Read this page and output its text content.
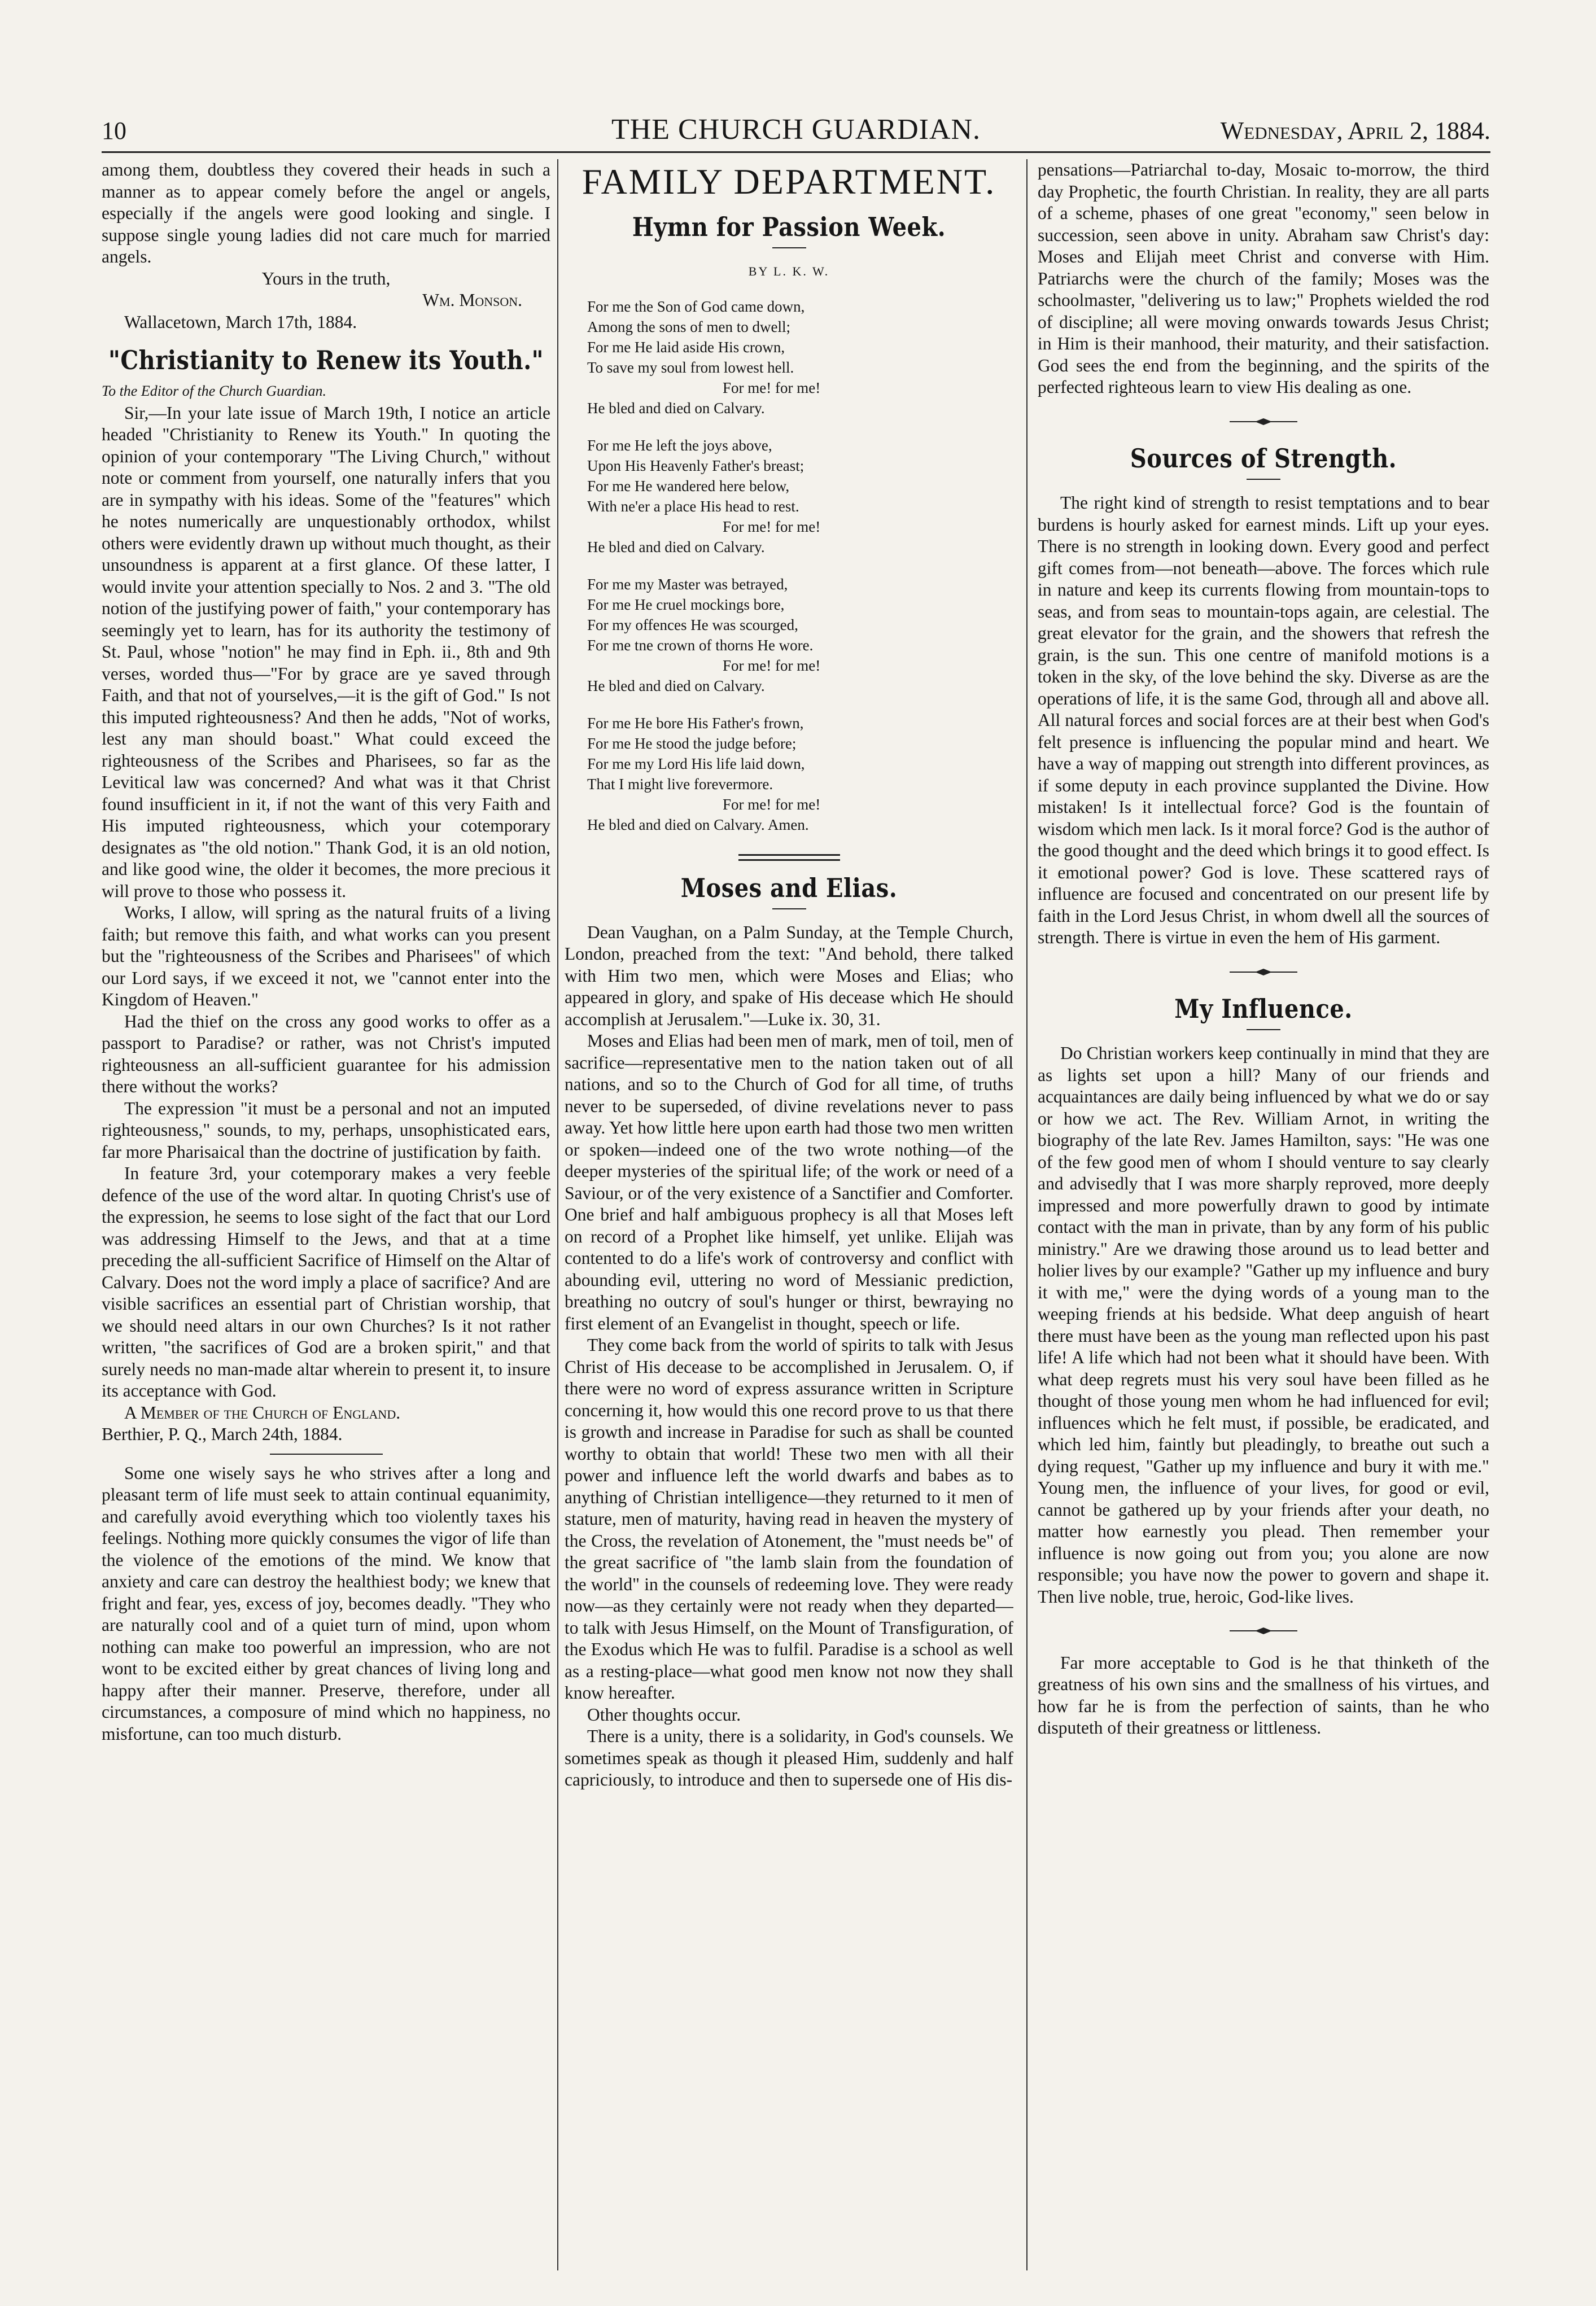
10	THE CHURCH GUARDIAN.	Wednesday, April 2, 1884.

among them, doubtless they covered their heads in such a manner as to appear comely before the angel or angels, especially if the angels were good looking and single. I suppose single young ladies did not care much for married angels.

Yours in the truth,

Wm. Monson.

Wallacetown, March 17th, 1884.

"Christianity to Renew its Youth."

To the Editor of the Church Guardian.

Sir,—In your late issue of March 19th, I notice an article headed "Christianity to Renew its Youth." In quoting the opinion of your contemporary "The Living Church," without note or comment from yourself, one naturally infers that you are in sympathy with his ideas. Some of the "features" which he notes numerically are unquestionably orthodox, whilst others were evidently drawn up without much thought, as their unsoundness is apparent at a first glance. Of these latter, I would invite your attention specially to Nos. 2 and 3. "The old notion of the justifying power of faith," your contemporary has seemingly yet to learn, has for its authority the testimony of St. Paul, whose "notion" he may find in Eph. ii., 8th and 9th verses, worded thus—"For by grace are ye saved through Faith, and that not of yourselves,—it is the gift of God." Is not this imputed righteousness? And then he adds, "Not of works, lest any man should boast." What could exceed the righteousness of the Scribes and Pharisees, so far as the Levitical law was concerned? And what was it that Christ found insufficient in it, if not the want of this very Faith and His imputed righteousness, which your cotemporary designates as "the old notion." Thank God, it is an old notion, and like good wine, the older it becomes, the more precious it will prove to those who possess it.

Works, I allow, will spring as the natural fruits of a living faith; but remove this faith, and what works can you present but the "righteousness of the Scribes and Pharisees" of which our Lord says, if we exceed it not, we "cannot enter into the Kingdom of Heaven."

Had the thief on the cross any good works to offer as a passport to Paradise? or rather, was not Christ's imputed righteousness an all-sufficient guarantee for his admission there without the works?

The expression "it must be a personal and not an imputed righteousness," sounds, to my, perhaps, unsophisticated ears, far more Pharisaical than the doctrine of justification by faith.

In feature 3rd, your cotemporary makes a very feeble defence of the use of the word altar. In quoting Christ's use of the expression, he seems to lose sight of the fact that our Lord was addressing Himself to the Jews, and that at a time preceding the all-sufficient Sacrifice of Himself on the Altar of Calvary. Does not the word imply a place of sacrifice? And are visible sacrifices an essential part of Christian worship, that we should need altars in our own Churches? Is it not rather written, "the sacrifices of God are a broken spirit," and that surely needs no man-made altar wherein to present it, to insure its acceptance with God.

A Member of the Church of England.

Berthier, P. Q., March 24th, 1884.

Some one wisely says he who strives after a long and pleasant term of life must seek to attain continual equanimity, and carefully avoid everything which too violently taxes his feelings. Nothing more quickly consumes the vigor of life than the violence of the emotions of the mind. We know that anxiety and care can destroy the healthiest body; we knew that fright and fear, yes, excess of joy, becomes deadly. "They who are naturally cool and of a quiet turn of mind, upon whom nothing can make too powerful an impression, who are not wont to be excited either by great chances of living long and happy after their manner. Preserve, therefore, under all circumstances, a composure of mind which no happiness, no misfortune, can too much disturb.

FAMILY DEPARTMENT.
Hymn for Passion Week.
BY L. K. W.
For me the Son of God came down,
Among the sons of men to dwell;
For me He laid aside His crown,
To save my soul from lowest hell.
For me! for me!
He bled and died on Calvary.
For me He left the joys above,
Upon His Heavenly Father's breast;
For me He wandered here below,
With ne'er a place His head to rest.
For me! for me!
He bled and died on Calvary.
For me my Master was betrayed,
For me He cruel mockings bore,
For my offences He was scourged,
For me tne crown of thorns He wore.
For me! for me!
He bled and died on Calvary.
For me He bore His Father's frown,
For me He stood the judge before;
For me my Lord His life laid down,
That I might live forevermore.
For me! for me!
He bled and died on Calvary. Amen.
Moses and Elias.

Dean Vaughan, on a Palm Sunday, at the Temple Church, London, preached from the text: "And behold, there talked with Him two men, which were Moses and Elias; who appeared in glory, and spake of His decease which He should accomplish at Jerusalem."—Luke ix. 30, 31.

Moses and Elias had been men of mark, men of toil, men of sacrifice—representative men to the nation taken out of all nations, and so to the Church of God for all time, of truths never to be superseded, of divine revelations never to pass away. Yet how little here upon earth had those two men written or spoken—indeed one of the two wrote nothing—of the deeper mysteries of the spiritual life; of the work or need of a Saviour, or of the very existence of a Sanctifier and Comforter. One brief and half ambiguous prophecy is all that Moses left on record of a Prophet like himself, yet unlike. Elijah was contented to do a life's work of controversy and conflict with abounding evil, uttering no word of Messianic prediction, breathing no outcry of soul's hunger or thirst, bewraying no first element of an Evangelist in thought, speech or life.

They come back from the world of spirits to talk with Jesus Christ of His decease to be accomplished in Jerusalem. O, if there were no word of express assurance written in Scripture concerning it, how would this one record prove to us that there is growth and increase in Paradise for such as shall be counted worthy to obtain that world! These two men with all their power and influence left the world dwarfs and babes as to anything of Christian intelligence—they returned to it men of stature, men of maturity, having read in heaven the mystery of the Cross, the revelation of Atonement, the "must needs be" of the great sacrifice of "the lamb slain from the foundation of the world" in the counsels of redeeming love. They were ready now—as they certainly were not ready when they departed—to talk with Jesus Himself, on the Mount of Transfiguration, of the Exodus which He was to fulfil. Paradise is a school as well as a resting-place—what good men know not now they shall know hereafter.

Other thoughts occur.

There is a unity, there is a solidarity, in God's counsels. We sometimes speak as though it pleased Him, suddenly and half capriciously, to introduce and then to supersede one of His dis-

pensations—Patriarchal to-day, Mosaic to-morrow, the third day Prophetic, the fourth Christian. In reality, they are all parts of a scheme, phases of one great "economy," seen below in succession, seen above in unity. Abraham saw Christ's day: Moses and Elijah meet Christ and converse with Him. Patriarchs were the church of the family; Moses was the schoolmaster, "delivering us to law;" Prophets wielded the rod of discipline; all were moving onwards towards Jesus Christ; in Him is their manhood, their maturity, and their satisfaction. God sees the end from the beginning, and the spirits of the perfected righteous learn to view His dealing as one.

Sources of Strength.

The right kind of strength to resist temptations and to bear burdens is hourly asked for earnest minds. Lift up your eyes. There is no strength in looking down. Every good and perfect gift comes from—not beneath—above. The forces which rule in nature and keep its currents flowing from mountain-tops to seas, and from seas to mountain-tops again, are celestial. The great elevator for the grain, and the showers that refresh the grain, is the sun. This one centre of manifold motions is a token in the sky, of the love behind the sky. Diverse as are the operations of life, it is the same God, through all and above all. All natural forces and social forces are at their best when God's felt presence is influencing the popular mind and heart. We have a way of mapping out strength into different provinces, as if some deputy in each province supplanted the Divine. How mistaken! Is it intellectual force? God is the fountain of wisdom which men lack. Is it moral force? God is the author of the good thought and the deed which brings it to good effect. Is it emotional power? God is love. These scattered rays of influence are focused and concentrated on our present life by faith in the Lord Jesus Christ, in whom dwell all the sources of strength. There is virtue in even the hem of His garment.

My Influence.

Do Christian workers keep continually in mind that they are as lights set upon a hill? Many of our friends and acquaintances are daily being influenced by what we do or say or how we act. The Rev. William Arnot, in writing the biography of the late Rev. James Hamilton, says: "He was one of the few good men of whom I should venture to say clearly and advisedly that I was more sharply reproved, more deeply impressed and more powerfully drawn to good by intimate contact with the man in private, than by any form of his public ministry." Are we drawing those around us to lead better and holier lives by our example? "Gather up my influence and bury it with me," were the dying words of a young man to the weeping friends at his bedside. What deep anguish of heart there must have been as the young man reflected upon his past life! A life which had not been what it should have been. With what deep regrets must his very soul have been filled as he thought of those young men whom he had influenced for evil; influences which he felt must, if possible, be eradicated, and which led him, faintly but pleadingly, to breathe out such a dying request, "Gather up my influence and bury it with me." Young men, the influence of your lives, for good or evil, cannot be gathered up by your friends after your death, no matter how earnestly you plead. Then remember your influence is now going out from you; you alone are now responsible; you have now the power to govern and shape it. Then live noble, true, heroic, God-like lives.

Far more acceptable to God is he that thinketh of the greatness of his own sins and the smallness of his virtues, and how far he is from the perfection of saints, than he who disputeth of their greatness or littleness.
